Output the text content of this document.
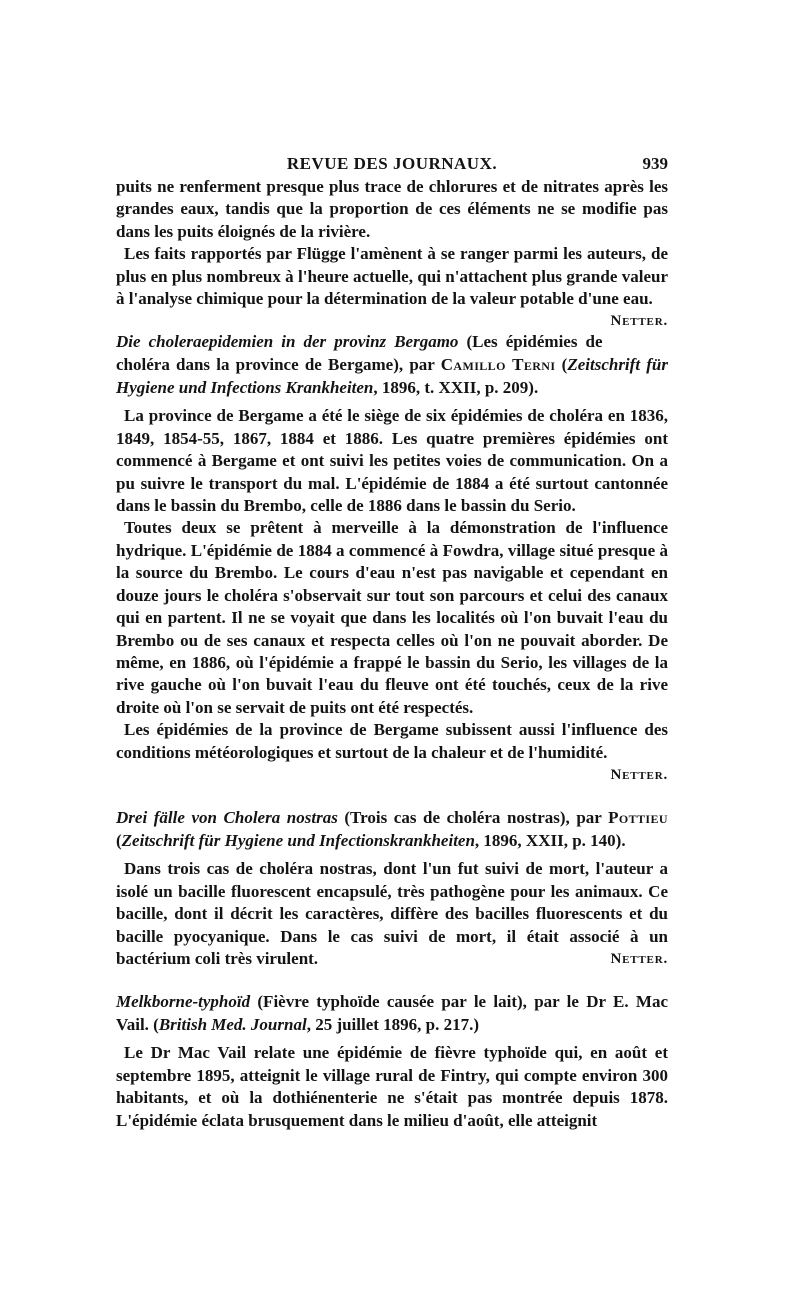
REVUE DES JOURNAUX.	939

puits ne renferment presque plus trace de chlorures et de nitrates après les grandes eaux, tandis que la proportion de ces éléments ne se modifie pas dans les puits éloignés de la rivière.

Les faits rapportés par Flügge l'amènent à se ranger parmi les auteurs, de plus en plus nombreux à l'heure actuelle, qui n'attachent plus grande valeur à l'analyse chimique pour la détermination de la valeur potable d'une eau.
Netter.

Die choleraepidemien in der provinz Bergamo (Les épidémies de choléra dans la province de Bergame), par Camillo Terni (Zeitschrift für Hygiene und Infections Krankheiten, 1896, t. XXII, p. 209).

La province de Bergame a été le siège de six épidémies de choléra en 1836, 1849, 1854-55, 1867, 1884 et 1886. Les quatre premières épidémies ont commencé à Bergame et ont suivi les petites voies de communication. On a pu suivre le transport du mal. L'épidémie de 1884 a été surtout cantonnée dans le bassin du Brembo, celle de 1886 dans le bassin du Serio.

Toutes deux se prêtent à merveille à la démonstration de l'influence hydrique. L'épidémie de 1884 a commencé à Fowdra, village situé presque à la source du Brembo. Le cours d'eau n'est pas navigable et cependant en douze jours le choléra s'observait sur tout son parcours et celui des canaux qui en partent. Il ne se voyait que dans les localités où l'on buvait l'eau du Brembo ou de ses canaux et respecta celles où l'on ne pouvait aborder. De même, en 1886, où l'épidémie a frappé le bassin du Serio, les villages de la rive gauche où l'on buvait l'eau du fleuve ont été touchés, ceux de la rive droite où l'on se servait de puits ont été respectés.

Les épidémies de la province de Bergame subissent aussi l'influence des conditions météorologiques et surtout de la chaleur et de l'humidité.

Netter.

Drei fälle von Cholera nostras (Trois cas de choléra nostras), par Pottieu (Zeitschrift für Hygiene und Infectionskrankheiten, 1896, XXII, p. 140).

Dans trois cas de choléra nostras, dont l'un fut suivi de mort, l'auteur a isolé un bacille fluorescent encapsulé, très pathogène pour les animaux. Ce bacille, dont il décrit les caractères, diffère des bacilles fluorescents et du bacille pyocyanique. Dans le cas suivi de mort, il était associé à un bactérium coli très virulent.	Netter.

Melkborne-typhoïd (Fièvre typhoïde causée par le lait), par le Dr E. Mac Vail. (British Med. Journal, 25 juillet 1896, p. 217.)

Le Dr Mac Vail relate une épidémie de fièvre typhoïde qui, en août et septembre 1895, atteignit le village rural de Fintry, qui compte environ 300 habitants, et où la dothiénenterie ne s'était pas montrée depuis 1878. L'épidémie éclata brusquement dans le milieu d'août, elle atteignit
